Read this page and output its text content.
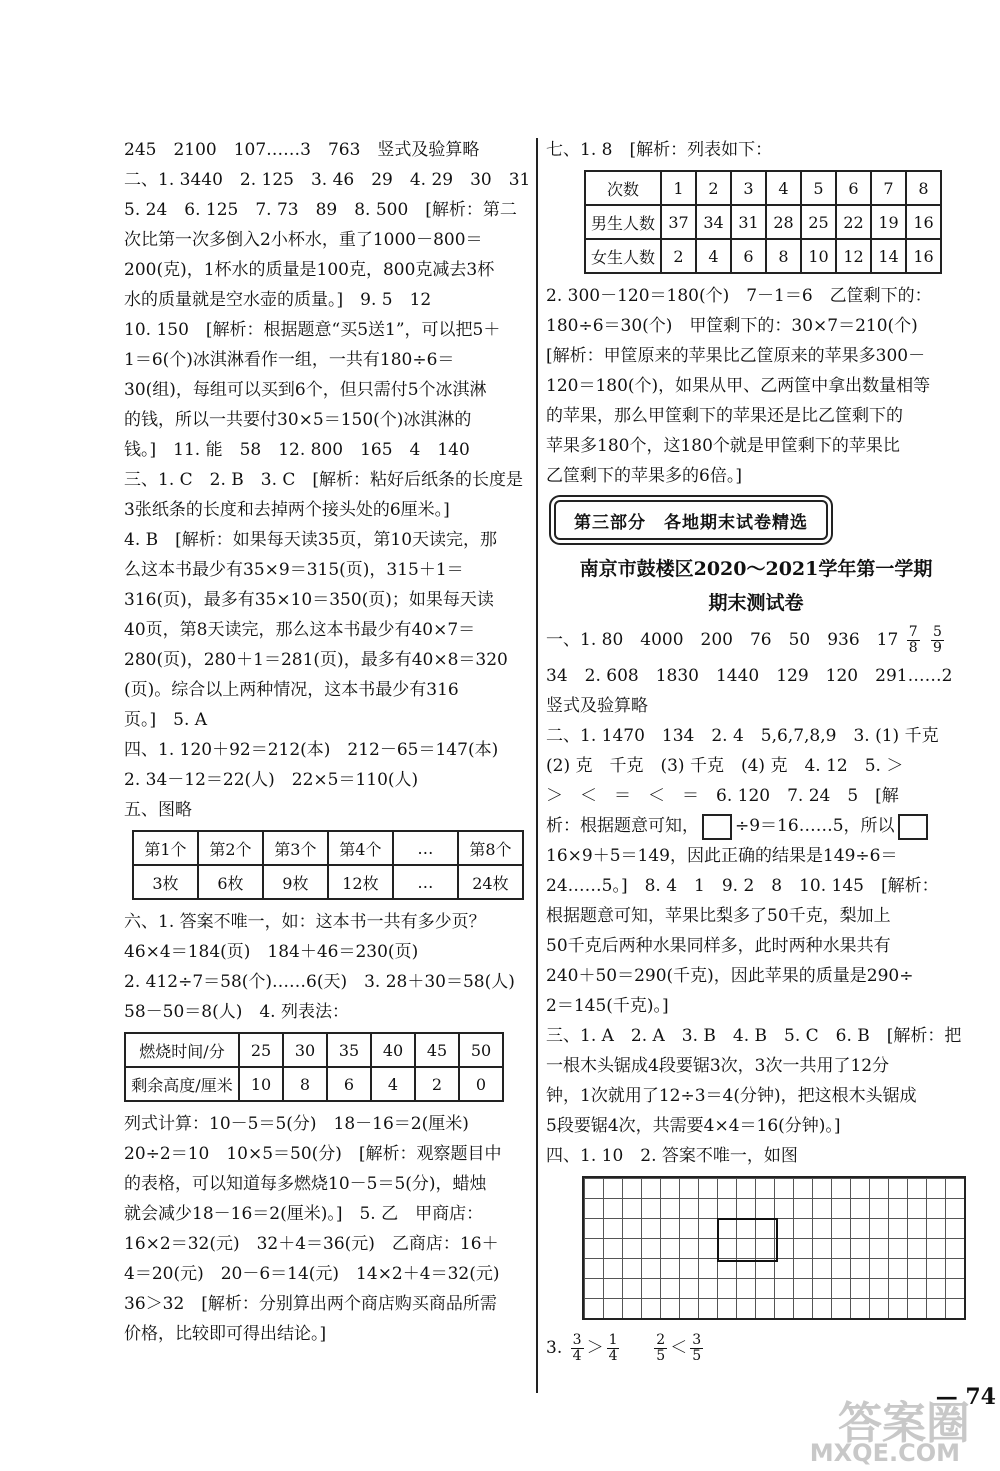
245　2100　107……3　763　竖式及验算略
二、1. 3440　2. 125　3. 46　29　4. 29　30　31
5. 24　6. 125　7. 73　89　8. 500　[解析：第二
次比第一次多倒入2小杯水，重了1000－800＝
200(克)，1杯水的质量是100克，800克减去3杯
水的质量就是空水壶的质量。]　9. 5　12
10. 150　[解析：根据题意“买5送1”，可以把5＋
1＝6(个)冰淇淋看作一组，一共有180÷6＝
30(组)，每组可以买到6个，但只需付5个冰淇淋
的钱，所以一共要付30×5＝150(个)冰淇淋的
钱。]　11. 能　58　12. 800　165　4　140
三、1. C　2. B　3. C　[解析：粘好后纸条的长度是
3张纸条的长度和去掉两个接头处的6厘米。]
4. B　[解析：如果每天读35页，第10天读完，那
么这本书最少有35×9＝315(页)，315＋1＝
316(页)，最多有35×10＝350(页)；如果每天读
40页，第8天读完，那么这本书最少有40×7＝
280(页)，280＋1＝281(页)，最多有40×8＝320
(页)。综合以上两种情况，这本书最少有316
页。]　5. A
四、1. 120＋92＝212(本)　212－65＝147(本)
2. 34－12＝22(人)　22×5＝110(人)
五、图略
第1个	第2个	第3个	第4个	…	第8个
3枚	6枚	9枚	12枚	…	24枚
六、1. 答案不唯一，如：这本书一共有多少页？
46×4＝184(页)　184＋46＝230(页)
2. 412÷7＝58(个)……6(天)　3. 28＋30＝58(人)
58－50＝8(人)　4. 列表法：
燃烧时间/分	25	30	35	40	45	50
剩余高度/厘米	10	8	6	4	2	0
列式计算：10－5＝5(分)　18－16＝2(厘米)
20÷2＝10　10×5＝50(分)　[解析：观察题目中
的表格，可以知道每多燃烧10－5＝5(分)，蜡烛
就会减少18－16＝2(厘米)。]　5. 乙　甲商店：
16×2＝32(元)　32＋4＝36(元)　乙商店：16＋
4＝20(元)　20－6＝14(元)　14×2＋4＝32(元)
36＞32　[解析：分别算出两个商店购买商品所需
价格，比较即可得出结论。]
七、1. 8　[解析：列表如下：
次数	1	2	3	4	5	6	7	8
男生人数	37	34	31	28	25	22	19	16
女生人数	2	4	6	8	10	12	14	16
2. 300－120＝180(个)　7－1＝6　乙筐剩下的：
180÷6＝30(个)　甲筐剩下的：30×7＝210(个)
[解析：甲筐原来的苹果比乙筐原来的苹果多300－
120＝180(个)，如果从甲、乙两筐中拿出数量相等
的苹果，那么甲筐剩下的苹果还是比乙筐剩下的
苹果多180个，这180个就是甲筐剩下的苹果比
乙筐剩下的苹果多的6倍。]
第三部分　各地期末试卷精选
南京市鼓楼区2020～2021学年第一学期
期末测试卷
一、1. 80　4000　200　76　50　936　$17 \frac{7}{8}$
$\frac{5}{9}$
34　2. 608　1830　1440　129　120　291……2
竖式及验算略
二、1. 1470　134　2. 4　5,6,7,8,9　3. (1) 千克
(2) 克　千克　(3) 千克　(4) 克　4. 12　5. ＞
＞　＜　＝　＜　＝　6. 120　7. 24　5　[解
析：根据题意可知， ÷9＝16……5，所以
16×9＋5＝149，因此正确的结果是149÷6＝
24……5。]　8. 4　1　9. 2　8　10. 145　[解析：
根据题意可知，苹果比梨多了50千克，梨加上
50千克后两种水果同样多，此时两种水果共有
240＋50＝290(千克)，因此苹果的质量是290÷
2＝145(千克)。]
三、1. A　2. A　3. B　4. B　5. C　6. B　[解析：把
一根木头锯成4段要锯3次，3次一共用了12分
钟，1次就用了12÷3＝4(分钟)，把这根木头锯成
5段要锯4次，共需要4×4＝16(分钟)。]
四、1. 10　2. 答案不唯一，如图
3. $\frac{3}{4} > \frac{1}{4}$
$\frac{2}{5} < \frac{3}{5}$
— 74
答案圈
MXQE.COM
